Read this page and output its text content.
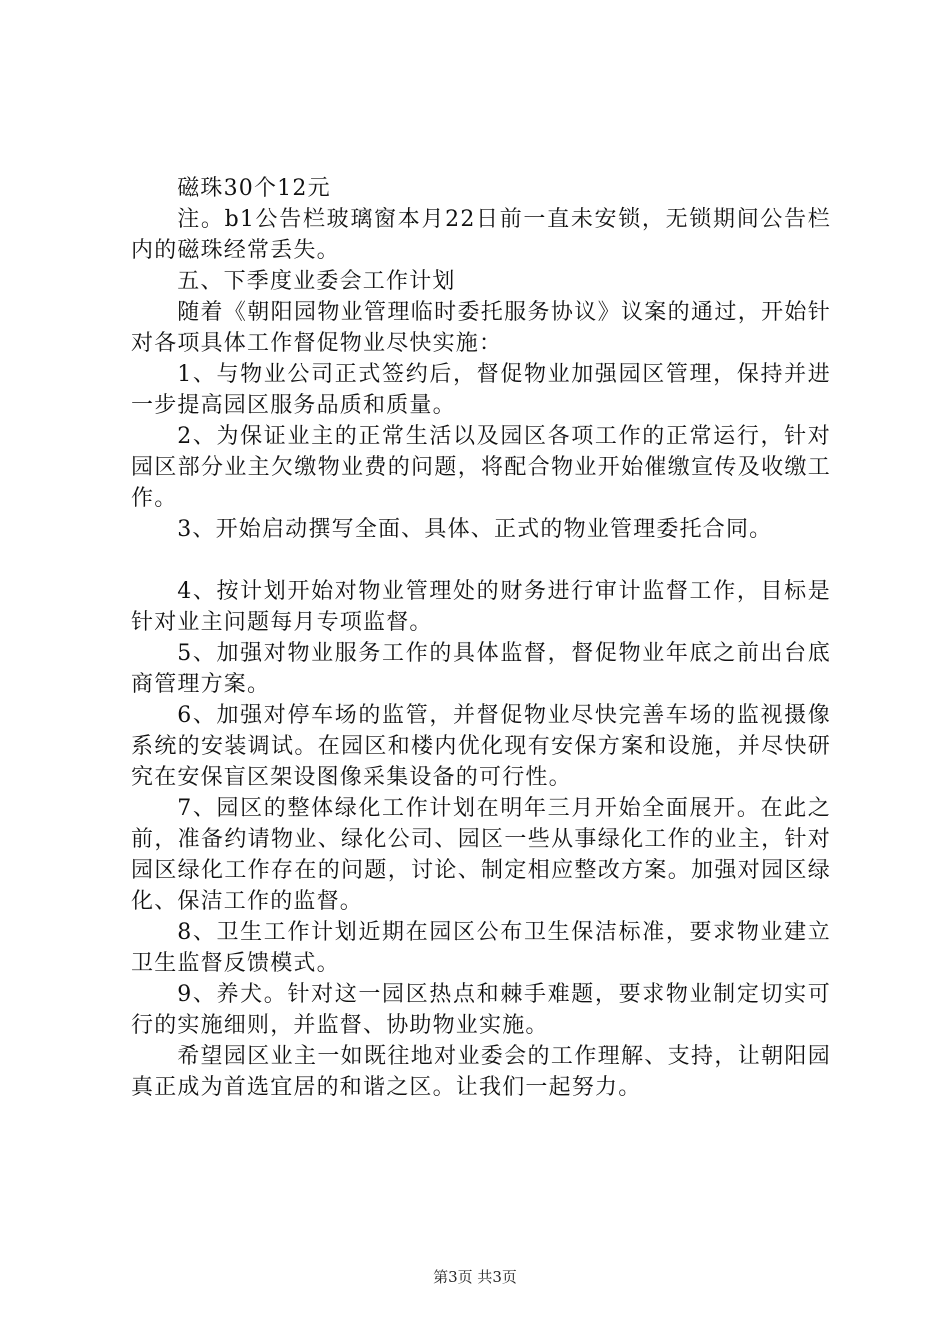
磁珠30个12元

注。b1公告栏玻璃窗本月22日前一直未安锁，无锁期间公告栏内的磁珠经常丢失。

五、下季度业委会工作计划

随着《朝阳园物业管理临时委托服务协议》议案的通过，开始针对各项具体工作督促物业尽快实施：

1、与物业公司正式签约后，督促物业加强园区管理，保持并进一步提高园区服务品质和质量。

2、为保证业主的正常生活以及园区各项工作的正常运行，针对园区部分业主欠缴物业费的问题，将配合物业开始催缴宣传及收缴工作。

3、开始启动撰写全面、具体、正式的物业管理委托合同。

4、按计划开始对物业管理处的财务进行审计监督工作，目标是针对业主问题每月专项监督。

5、加强对物业服务工作的具体监督，督促物业年底之前出台底商管理方案。

6、加强对停车场的监管，并督促物业尽快完善车场的监视摄像系统的安装调试。在园区和楼内优化现有安保方案和设施，并尽快研究在安保盲区架设图像采集设备的可行性。

7、园区的整体绿化工作计划在明年三月开始全面展开。在此之前，准备约请物业、绿化公司、园区一些从事绿化工作的业主，针对园区绿化工作存在的问题，讨论、制定相应整改方案。加强对园区绿化、保洁工作的监督。

8、卫生工作计划近期在园区公布卫生保洁标准，要求物业建立卫生监督反馈模式。

9、养犬。针对这一园区热点和棘手难题，要求物业制定切实可行的实施细则，并监督、协助物业实施。

希望园区业主一如既往地对业委会的工作理解、支持，让朝阳园真正成为首选宜居的和谐之区。让我们一起努力。

第3页 共3页
